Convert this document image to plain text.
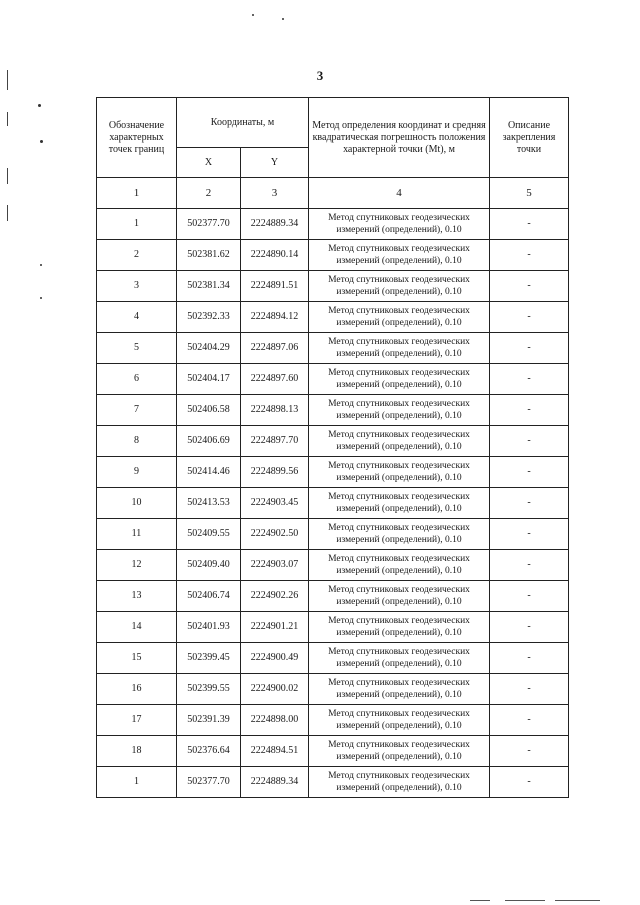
3
Обозначение характерных точек границ	Координаты, м		Метод определения координат и средняя квадратическая погрешность положения характерной точки (Mt), м	Описание закрепления точки
	X	Y		
1	2	3	4	5
1	502377.70	2224889.34	Метод спутниковых геодезических измерений (определений), 0.10	-
2	502381.62	2224890.14	Метод спутниковых геодезических измерений (определений), 0.10	-
3	502381.34	2224891.51	Метод спутниковых геодезических измерений (определений), 0.10	-
4	502392.33	2224894.12	Метод спутниковых геодезических измерений (определений), 0.10	-
5	502404.29	2224897.06	Метод спутниковых геодезических измерений (определений), 0.10	-
6	502404.17	2224897.60	Метод спутниковых геодезических измерений (определений), 0.10	-
7	502406.58	2224898.13	Метод спутниковых геодезических измерений (определений), 0.10	-
8	502406.69	2224897.70	Метод спутниковых геодезических измерений (определений), 0.10	-
9	502414.46	2224899.56	Метод спутниковых геодезических измерений (определений), 0.10	-
10	502413.53	2224903.45	Метод спутниковых геодезических измерений (определений), 0.10	-
11	502409.55	2224902.50	Метод спутниковых геодезических измерений (определений), 0.10	-
12	502409.40	2224903.07	Метод спутниковых геодезических измерений (определений), 0.10	-
13	502406.74	2224902.26	Метод спутниковых геодезических измерений (определений), 0.10	-
14	502401.93	2224901.21	Метод спутниковых геодезических измерений (определений), 0.10	-
15	502399.45	2224900.49	Метод спутниковых геодезических измерений (определений), 0.10	-
16	502399.55	2224900.02	Метод спутниковых геодезических измерений (определений), 0.10	-
17	502391.39	2224898.00	Метод спутниковых геодезических измерений (определений), 0.10	-
18	502376.64	2224894.51	Метод спутниковых геодезических измерений (определений), 0.10	-
1	502377.70	2224889.34	Метод спутниковых геодезических измерений (определений), 0.10	-
